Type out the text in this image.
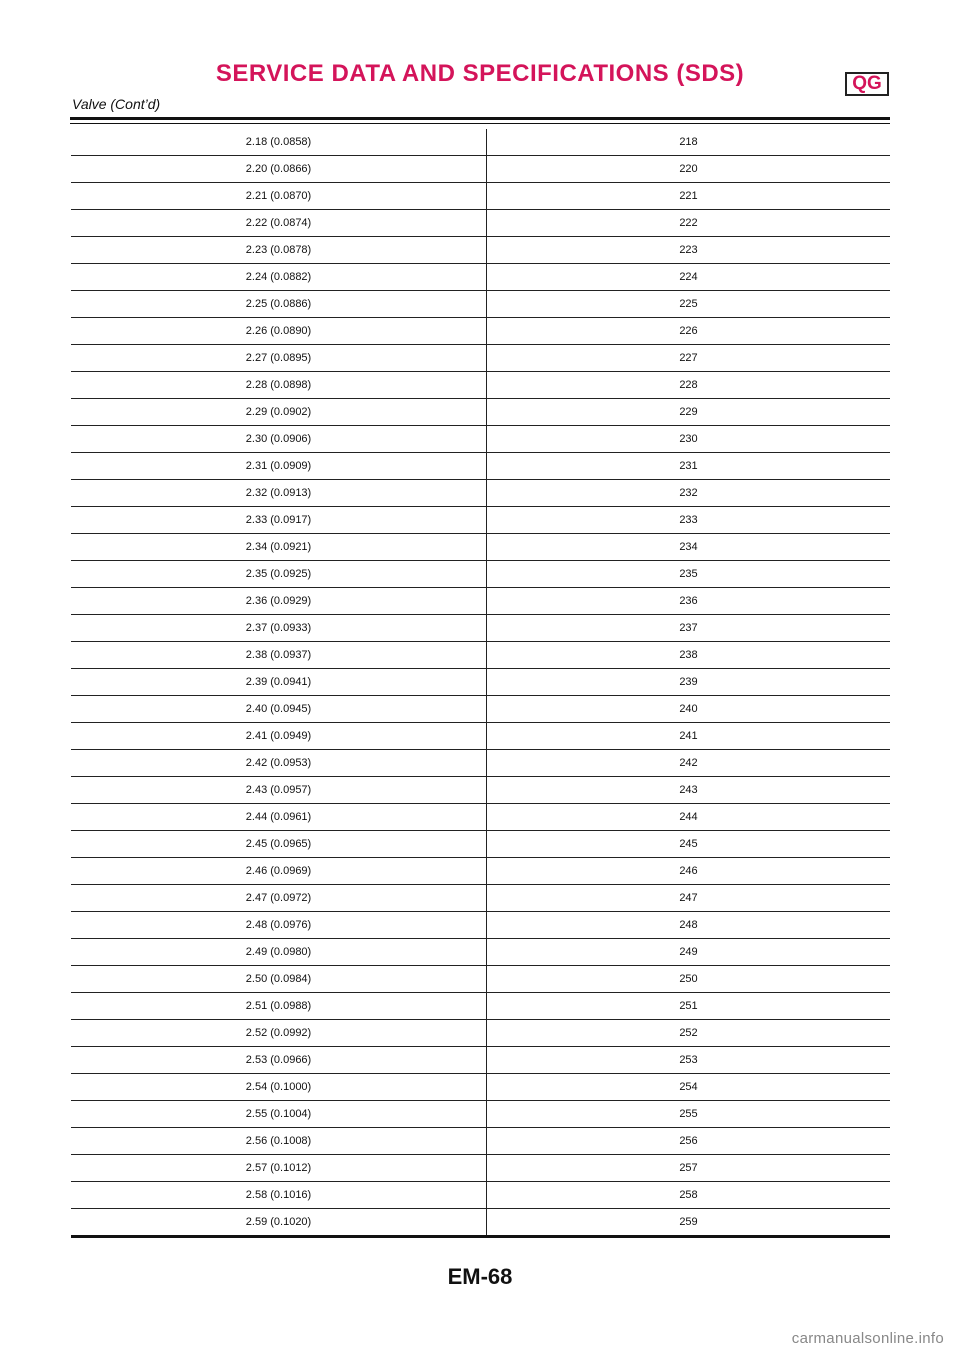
SERVICE DATA AND SPECIFICATIONS (SDS)	QG
Valve (Cont’d)
2.18 (0.0858)	218
2.20 (0.0866)	220
2.21 (0.0870)	221
2.22 (0.0874)	222
2.23 (0.0878)	223
2.24 (0.0882)	224
2.25 (0.0886)	225
2.26 (0.0890)	226
2.27 (0.0895)	227
2.28 (0.0898)	228
2.29 (0.0902)	229
2.30 (0.0906)	230
2.31 (0.0909)	231
2.32 (0.0913)	232
2.33 (0.0917)	233
2.34 (0.0921)	234
2.35 (0.0925)	235
2.36 (0.0929)	236
2.37 (0.0933)	237
2.38 (0.0937)	238
2.39 (0.0941)	239
2.40 (0.0945)	240
2.41 (0.0949)	241
2.42 (0.0953)	242
2.43 (0.0957)	243
2.44 (0.0961)	244
2.45 (0.0965)	245
2.46 (0.0969)	246
2.47 (0.0972)	247
2.48 (0.0976)	248
2.49 (0.0980)	249
2.50 (0.0984)	250
2.51 (0.0988)	251
2.52 (0.0992)	252
2.53 (0.0966)	253
2.54 (0.1000)	254
2.55 (0.1004)	255
2.56 (0.1008)	256
2.57 (0.1012)	257
2.58 (0.1016)	258
2.59 (0.1020)	259
EM-68
carmanualsonline.info
